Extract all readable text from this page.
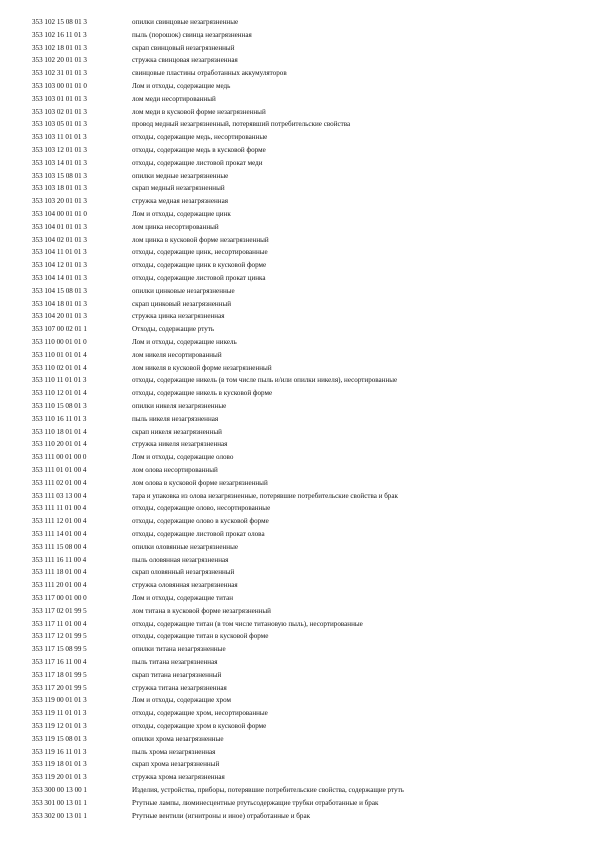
353 102 15 08 01 3	опилки свинцовые незагрязненные
353 102 16 11 01 3	пыль (порошок) свинца незагрязненная
353 102 18 01 01 3	скрап свинцовый незагрязненный
353 102 20 01 01 3	стружка свинцовая незагрязненная
353 102 31 01 01 3	свинцовые пластины отработанных аккумуляторов
353 103 00 01 01 0	Лом и отходы, содержащие медь
353 103 01 01 01 3	лом меди несортированный
353 103 02 01 01 3	лом меди в кусковой форме незагрязненный
353 103 05 01 01 3	провод медный незагрязненный, потерявший потребительские свойства
353 103 11 01 01 3	отходы, содержащие медь, несортированные
353 103 12 01 01 3	отходы, содержащие медь в кусковой форме
353 103 14 01 01 3	отходы, содержащие листовой прокат меди
353 103 15 08 01 3	опилки медные незагрязненные
353 103 18 01 01 3	скрап медный незагрязненный
353 103 20 01 01 3	стружка медная незагрязненная
353 104 00 01 01 0	Лом и отходы, содержащие цинк
353 104 01 01 01 3	лом цинка несортированный
353 104 02 01 01 3	лом цинка в кусковой форме незагрязненный
353 104 11 01 01 3	отходы, содержащие цинк, несортированные
353 104 12 01 01 3	отходы, содержащие цинк в кусковой форме
353 104 14 01 01 3	отходы, содержащие листовой прокат цинка
353 104 15 08 01 3	опилки цинковые незагрязненные
353 104 18 01 01 3	скрап цинковый незагрязненный
353 104 20 01 01 3	стружка цинка незагрязненная
353 107 00 02 01 1	Отходы, содержащие ртуть
353 110 00 01 01 0	Лом и отходы, содержащие никель
353 110 01 01 01 4	лом никеля несортированный
353 110 02 01 01 4	лом никеля в кусковой форме незагрязненный
353 110 11 01 01 3	отходы, содержащие никель (в том числе пыль и/или опилки никеля), несортированные
353 110 12 01 01 4	отходы, содержащие никель в кусковой форме
353 110 15 08 01 3	опилки никеля незагрязненные
353 110 16 11 01 3	пыль никеля незагрязненная
353 110 18 01 01 4	скрап никеля незагрязненный
353 110 20 01 01 4	стружка никеля незагрязненная
353 111 00 01 00 0	Лом и отходы, содержащие олово
353 111 01 01 00 4	лом олова несортированный
353 111 02 01 00 4	лом олова в кусковой форме незагрязненный
353 111 03 13 00 4	тара и упаковка из олова незагрязненные, потерявшие потребительские свойства и брак
353 111 11 01 00 4	отходы, содержащие олово, несортированные
353 111 12 01 00 4	отходы, содержащие олово в кусковой форме
353 111 14 01 00 4	отходы, содержащие листовой прокат олова
353 111 15 08 00 4	опилки оловянные незагрязненные
353 111 16 11 00 4	пыль оловянная незагрязненная
353 111 18 01 00 4	скрап оловянный незагрязненный
353 111 20 01 00 4	стружка оловянная незагрязненная
353 117 00 01 00 0	Лом и отходы, содержащие титан
353 117 02 01 99 5	лом титана в кусковой форме незагрязненный
353 117 11 01 00 4	отходы, содержащие титан (в том числе титановую пыль), несортированные
353 117 12 01 99 5	отходы, содержащие титан в кусковой форме
353 117 15 08 99 5	опилки титана незагрязненные
353 117 16 11 00 4	пыль титана незагрязненная
353 117 18 01 99 5	скрап титана незагрязненный
353 117 20 01 99 5	стружка титана незагрязненная
353 119 00 01 01 3	Лом и отходы, содержащие хром
353 119 11 01 01 3	отходы, содержащие хром, несортированные
353 119 12 01 01 3	отходы, содержащие хром в кусковой форме
353 119 15 08 01 3	опилки хрома незагрязненные
353 119 16 11 01 3	пыль хрома незагрязненная
353 119 18 01 01 3	скрап хрома незагрязненный
353 119 20 01 01 3	стружка хрома незагрязненная
353 300 00 13 00 1	Изделия, устройства, приборы, потерявшие потребительские свойства, содержащие ртуть
353 301 00 13 01 1	Ртутные лампы, люминесцентные ртутьсодержащие трубки отработанные и брак
353 302 00 13 01 1	Ртутные вентили (игнитроны и иное) отработанные и брак
